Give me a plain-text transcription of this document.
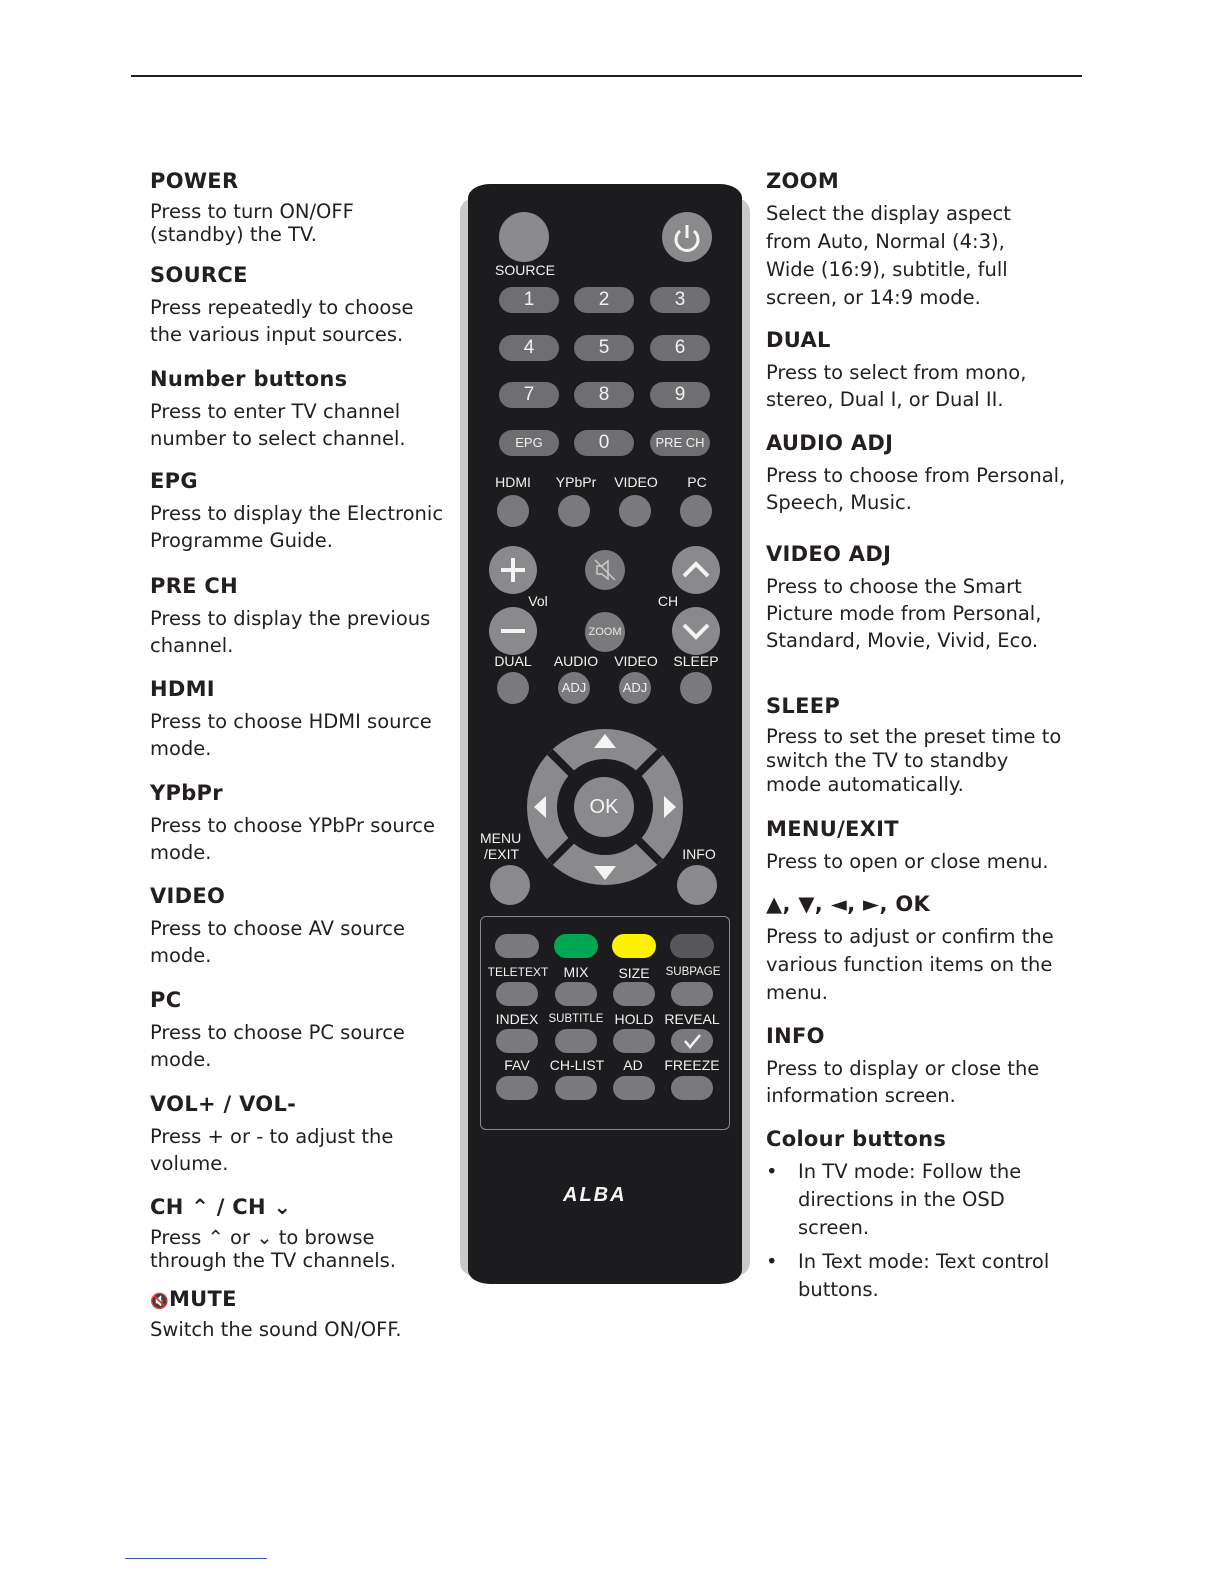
POWER

Press to turn ON/OFF (standby) the TV.

SOURCE

Press repeatedly to choose the various input sources.

Number buttons

Press to enter TV channel number to select channel.

EPG

Press to display the Electronic Programme Guide.

PRE CH

Press to display the previous channel.

HDMI

Press to choose HDMI source mode.

YPbPr

Press to choose YPbPr source mode.

VIDEO

Press to choose AV source mode.

PC

Press to choose PC source mode.

VOL+ / VOL-

Press + or - to adjust the volume.

CH ⌃ / CH ⌄

Press ⌃ or ⌄ to browse through the TV channels.

🔇MUTE

Switch the sound ON/OFF.

ZOOM

Select the display aspect from Auto, Normal (4:3), Wide (16:9), subtitle, full screen, or 14:9 mode.

DUAL

Press to select from mono, stereo, Dual I, or Dual II.

AUDIO ADJ

Press to choose from Personal, Speech, Music.

VIDEO ADJ

Press to choose the Smart Picture mode from Personal, Standard, Movie, Vivid, Eco.

SLEEP

Press to set the preset time to switch the TV to standby mode automatically.

MENU/EXIT

Press to open or close menu.

▲, ▼, ◄, ►, OK

Press to adjust or confirm the various function items on the menu.

INFO

Press to display or close the information screen.

Colour buttons
• In TV mode: Follow the directions in the OSD screen.
• In Text mode: Text control buttons.
SOURCE
1	2	3
4	5	6
7	8	9
EPG	0	PRE CH
HDMI	YPbPr	VIDEO	PC
Vol	CH
ZOOM
DUAL	AUDIO	VIDEO	SLEEP
ADJ	ADJ
OK
MENU
/EXIT	INFO
TELETEXT	MIX	SIZE	SUBPAGE
INDEX SUBTITLE HOLD REVEAL
FAV	CH-LIST	AD	FREEZE
ALBA
